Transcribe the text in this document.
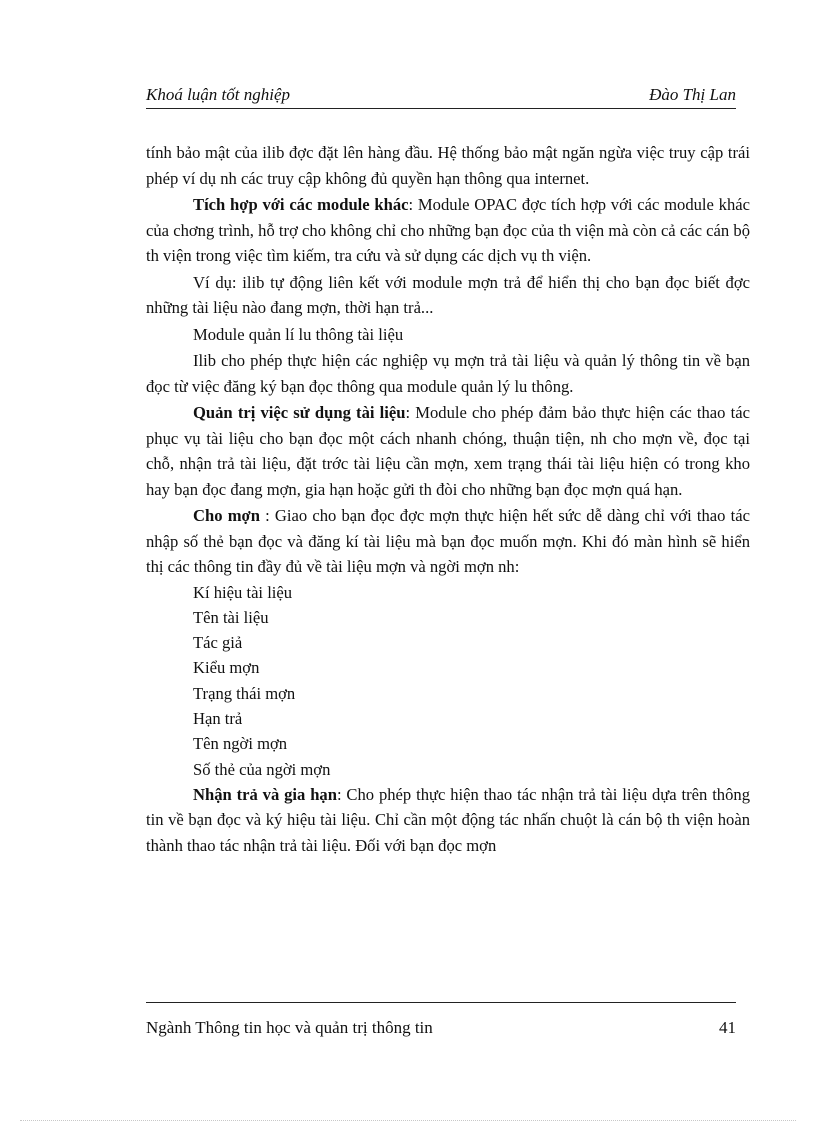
Khoá luận tốt nghiệp	Đào Thị Lan

tính bảo mật của ilib đợc đặt lên hàng đầu. Hệ thống bảo mật ngăn ngừa việc truy cập trái phép ví dụ nh các truy cập không đủ quyền hạn thông qua internet.

Tích hợp với các module khác: Module OPAC đợc tích hợp với các module khác của chơng trình, hỗ trợ cho không chỉ cho những bạn đọc của th viện mà còn cả các cán bộ th viện trong việc tìm kiếm, tra cứu và sử dụng các dịch vụ th viện.

Ví dụ: ilib tự động liên kết với module mợn trả để hiển thị cho bạn đọc biết đợc những tài liệu nào đang mợn, thời hạn trả...

Module quản lí lu thông tài liệu

Ilib cho phép thực hiện các nghiệp vụ mợn trả tài liệu và quản lý thông tin về bạn đọc từ việc đăng ký bạn đọc thông qua module quản lý lu thông.

Quản trị việc sử dụng tài liệu: Module cho phép đảm bảo thực hiện các thao tác phục vụ tài liệu cho bạn đọc một cách nhanh chóng, thuận tiện, nh cho mợn về, đọc tại chỗ, nhận trả tài liệu, đặt trớc tài liệu cần mợn, xem trạng thái tài liệu hiện có trong kho hay bạn đọc đang mợn, gia hạn hoặc gửi th đòi cho những bạn đọc mợn quá hạn.

Cho mợn : Giao cho bạn đọc đợc mợn thực hiện hết sức dễ dàng chỉ với thao tác nhập số thẻ bạn đọc và đăng kí tài liệu mà bạn đọc muốn mợn. Khi đó màn hình sẽ hiển thị các thông tin đầy đủ về tài liệu mợn và ngời mợn nh:

Kí hiệu tài liệu
Tên tài liệu
Tác giả
Kiểu mợn
Trạng thái mợn
Hạn trả
Tên ngời mợn
Số thẻ của ngời mợn

Nhận trả và gia hạn: Cho phép thực hiện thao tác nhận trả tài liệu dựa trên thông tin về bạn đọc và ký hiệu tài liệu. Chỉ cần một động tác nhấn chuột là cán bộ th viện hoàn thành thao tác nhận trả tài liệu. Đối với bạn đọc mợn

Ngành Thông tin học và quản trị thông tin	41
